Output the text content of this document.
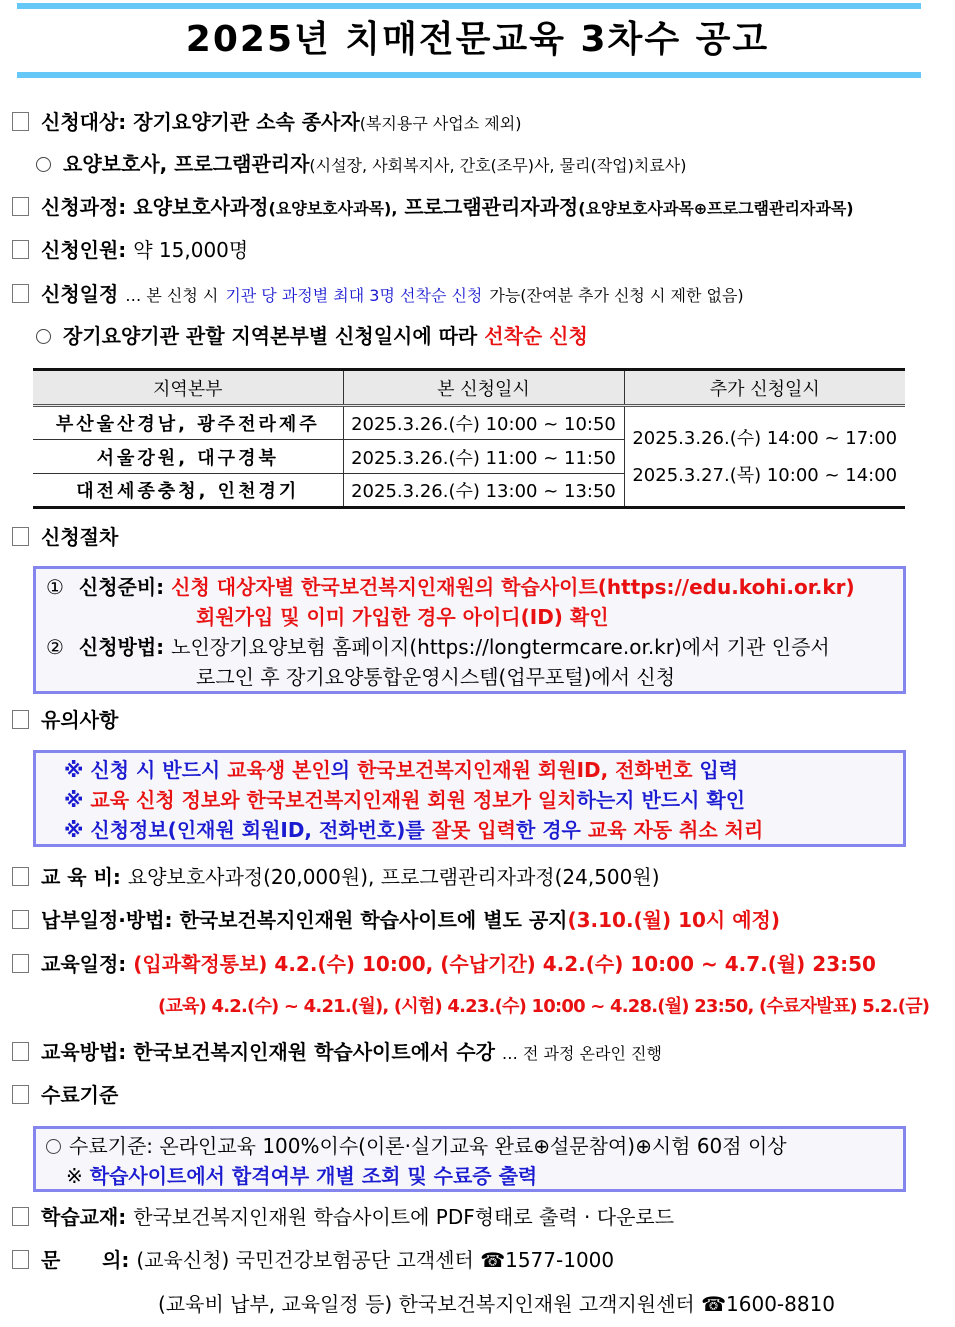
2025년 치매전문교육 3차수 공고
신청대상: 장기요양기관 소속 종사자(복지용구 사업소 제외)
요양보호사, 프로그램관리자(시설장, 사회복지사, 간호(조무)사, 물리(작업)치료사)
신청과정: 요양보호사과정(요양보호사과목), 프로그램관리자과정(요양보호사과목⊕프로그램관리자과목)
신청인원: 약 15,000명
신청일정 … 본 신청 시 기관 당 과정별 최대 3명 선착순 신청 가능(잔여분 추가 신청 시 제한 없음)
장기요양기관 관할 지역본부별 신청일시에 따라 선착순 신청
지역본부	본 신청일시	추가 신청일시
부산울산경남, 광주전라제주	2025.3.26.(수) 10:00 ~ 10:50	2025.3.26.(수) 14:00 ~ 17:00
2025.3.27.(목) 10:00 ~ 14:00

서울강원, 대구경북	2025.3.26.(수) 11:00 ~ 11:50	
대전세종충청, 인천경기	2025.3.26.(수) 13:00 ~ 13:50	
신청절차
① 신청준비: 신청 대상자별 한국보건복지인재원의 학습사이트(https://edu.kohi.or.kr)
회원가입 및 이미 가입한 경우 아이디(ID) 확인
② 신청방법: 노인장기요양보험 홈페이지(https://longtermcare.or.kr)에서 기관 인증서
로그인 후 장기요양통합운영시스템(업무포털)에서 신청
유의사항
※ 신청 시 반드시 교육생 본인의 한국보건복지인재원 회원ID, 전화번호 입력
※ 교육 신청 정보와 한국보건복지인재원 회원 정보가 일치하는지 반드시 확인
※ 신청정보(인재원 회원ID, 전화번호)를 잘못 입력한 경우 교육 자동 취소 처리
교 육 비: 요양보호사과정(20,000원), 프로그램관리자과정(24,500원)
납부일정·방법: 한국보건복지인재원 학습사이트에 별도 공지(3.10.(월) 10시 예정)
교육일정: (입과확정통보) 4.2.(수) 10:00, (수납기간) 4.2.(수) 10:00 ~ 4.7.(월) 23:50
(교육) 4.2.(수) ~ 4.21.(월), (시험) 4.23.(수) 10:00 ~ 4.28.(월) 23:50, (수료자발표) 5.2.(금)
교육방법: 한국보건복지인재원 학습사이트에서 수강 … 전 과정 온라인 진행
수료기준
수료기준: 온라인교육 100%이수(이론·실기교육 완료⊕설문참여)⊕시험 60점 이상
※ 학습사이트에서 합격여부 개별 조회 및 수료증 출력
학습교재: 한국보건복지인재원 학습사이트에 PDF형태로 출력 · 다운로드
문      의: (교육신청) 국민건강보험공단 고객센터 ☎1577-1000
(교육비 납부, 교육일정 등) 한국보건복지인재원 고객지원센터 ☎1600-8810
